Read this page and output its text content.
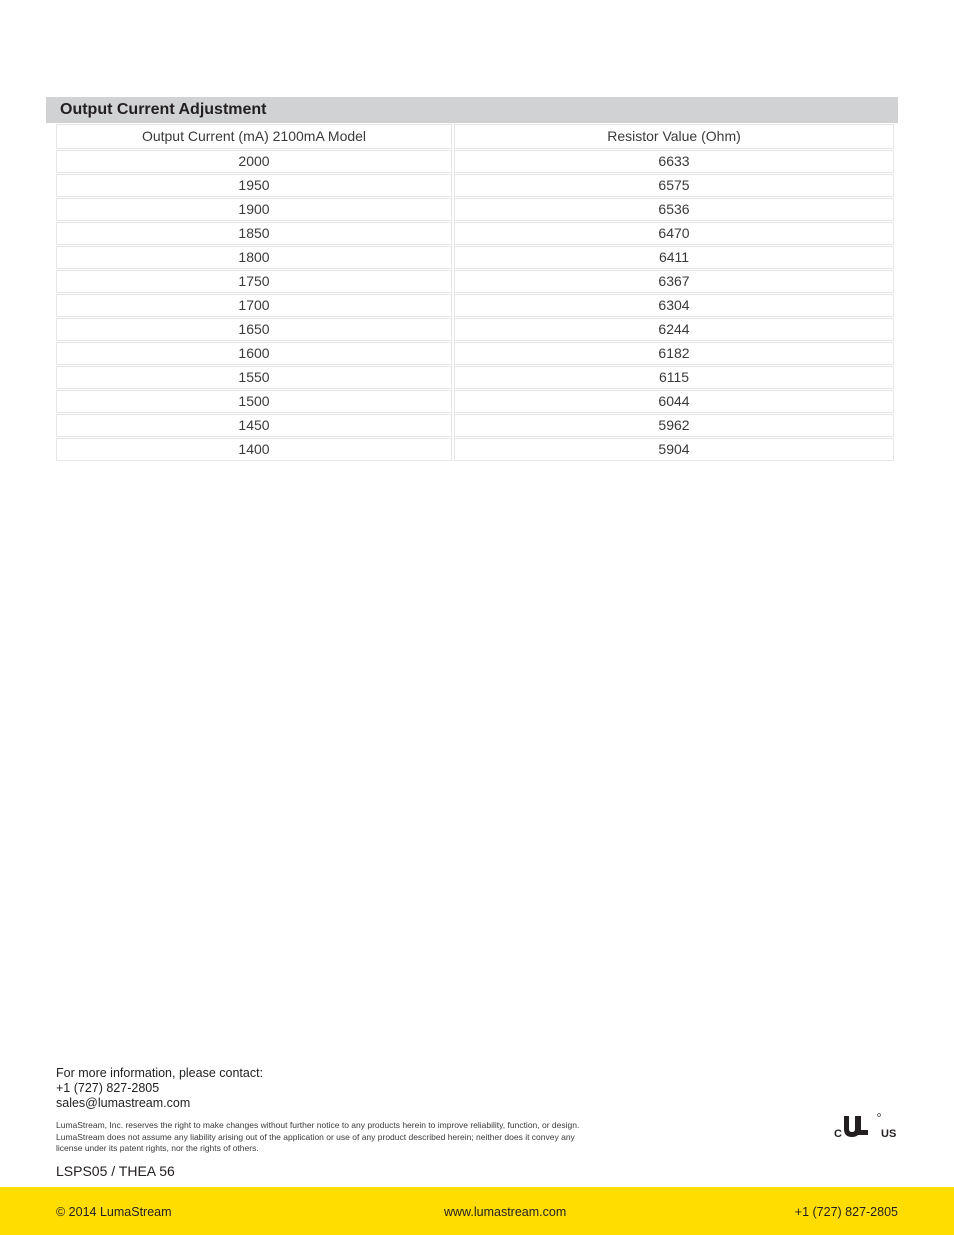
Output Current Adjustment
Output Current (mA) 2100mA Model	Resistor Value (Ohm)
2000	6633
1950	6575
1900	6536
1850	6470
1800	6411
1750	6367
1700	6304
1650	6244
1600	6182
1550	6115
1500	6044
1450	5962
1400	5904
For more information, please contact:
+1 (727) 827-2805
sales@lumastream.com
LumaStream, Inc. reserves the right to make changes without further notice to any products herein to improve reliability, function, or design.
LumaStream does not assume any liability arising out of the application or use of any product described herein; neither does it convey any
license under its patent rights, nor the rights of others.
LSPS05 / THEA 56
C	US
© 2014 LumaStream	www.lumastream.com	+1 (727) 827-2805
